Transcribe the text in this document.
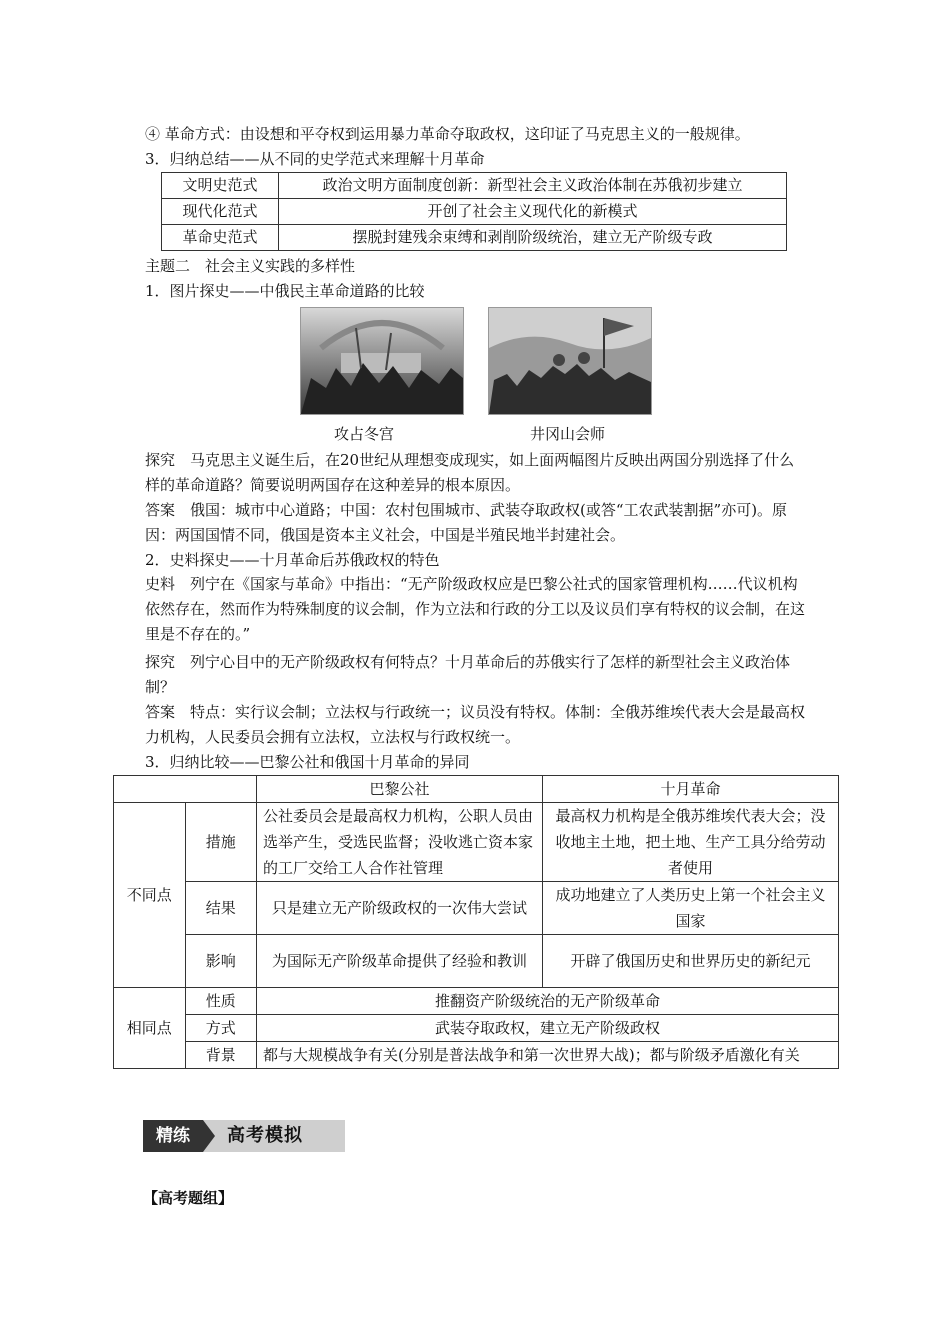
④ 革命方式：由设想和平夺权到运用暴力革命夺取政权，这印证了马克思主义的一般规律。
3．归纳总结——从不同的史学范式来理解十月革命
文明史范式	政治文明方面制度创新：新型社会主义政治体制在苏俄初步建立
现代化范式	开创了社会主义现代化的新模式
革命史范式	摆脱封建残余束缚和剥削阶级统治，建立无产阶级专政
主题二　社会主义实践的多样性
1．图片探史——中俄民主革命道路的比较
攻占冬宫	井冈山会师
探究　马克思主义诞生后，在20世纪从理想变成现实，如上面两幅图片反映出两国分别选择了什么样的革命道路？简要说明两国存在这种差异的根本原因。
答案　俄国：城市中心道路；中国：农村包围城市、武装夺取政权(或答“工农武装割据”亦可)。原因：两国国情不同，俄国是资本主义社会，中国是半殖民地半封建社会。
2．史料探史——十月革命后苏俄政权的特色
史料　列宁在《国家与革命》中指出：“无产阶级政权应是巴黎公社式的国家管理机构……代议机构依然存在，然而作为特殊制度的议会制，作为立法和行政的分工以及议员们享有特权的议会制，在这里是不存在的。”
探究　列宁心目中的无产阶级政权有何特点？十月革命后的苏俄实行了怎样的新型社会主义政治体制？
答案　特点：实行议会制；立法权与行政统一；议员没有特权。体制：全俄苏维埃代表大会是最高权力机构，人民委员会拥有立法权，立法权与行政权统一。
3．归纳比较——巴黎公社和俄国十月革命的异同
		巴黎公社	十月革命
不同点	措施	公社委员会是最高权力机构，公职人员由选举产生，受选民监督；没收逃亡资本家的工厂交给工人合作社管理	最高权力机构是全俄苏维埃代表大会；没收地主土地，把土地、生产工具分给劳动者使用
	结果	只是建立无产阶级政权的一次伟大尝试	成功地建立了人类历史上第一个社会主义国家
	影响	为国际无产阶级革命提供了经验和教训	开辟了俄国历史和世界历史的新纪元
相同点	性质	推翻资产阶级统治的无产阶级革命	
	方式	武装夺取政权，建立无产阶级政权	
	背景	都与大规模战争有关(分别是普法战争和第一次世界大战)；都与阶级矛盾激化有关	
精练	高考模拟
【高考题组】
